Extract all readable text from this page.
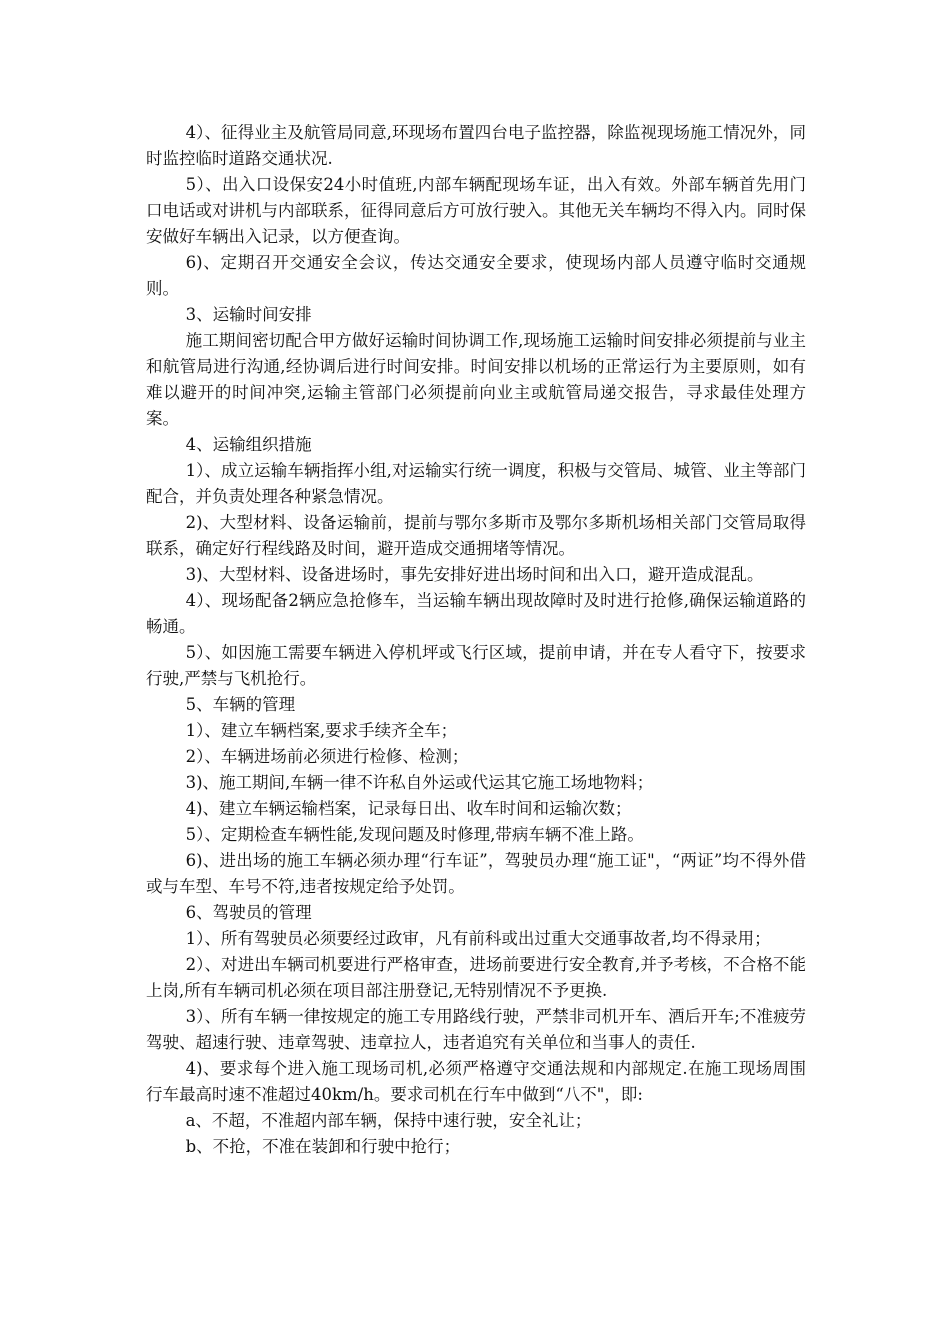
4）、征得业主及航管局同意,环现场布置四台电子监控器，除监视现场施工情况外，同时监控临时道路交通状况.

5）、出入口设保安24小时值班,内部车辆配现场车证，出入有效。外部车辆首先用门口电话或对讲机与内部联系，征得同意后方可放行驶入。其他无关车辆均不得入内。同时保安做好车辆出入记录，以方便查询。

6)、定期召开交通安全会议，传达交通安全要求，使现场内部人员遵守临时交通规则。

3、运输时间安排

施工期间密切配合甲方做好运输时间协调工作,现场施工运输时间安排必须提前与业主和航管局进行沟通,经协调后进行时间安排。时间安排以机场的正常运行为主要原则，如有难以避开的时间冲突,运输主管部门必须提前向业主或航管局递交报告，寻求最佳处理方案。

4、运输组织措施

1）、成立运输车辆指挥小组,对运输实行统一调度，积极与交管局、城管、业主等部门配合，并负责处理各种紧急情况。

2)、大型材料、设备运输前，提前与鄂尔多斯市及鄂尔多斯机场相关部门交管局取得联系，确定好行程线路及时间，避开造成交通拥堵等情况。

3)、大型材料、设备进场时，事先安排好进出场时间和出入口，避开造成混乱。

4）、现场配备2辆应急抢修车，当运输车辆出现故障时及时进行抢修,确保运输道路的畅通。

5）、如因施工需要车辆进入停机坪或飞行区域，提前申请，并在专人看守下，按要求行驶,严禁与飞机抢行。

5、车辆的管理

1）、建立车辆档案,要求手续齐全车；

2）、车辆进场前必须进行检修、检测；

3)、施工期间,车辆一律不许私自外运或代运其它施工场地物料；

4)、建立车辆运输档案，记录每日出、收车时间和运输次数；

5）、定期检查车辆性能,发现问题及时修理,带病车辆不准上路。

6)、进出场的施工车辆必须办理“行车证”，驾驶员办理“施工证"，“两证”均不得外借或与车型、车号不符,违者按规定给予处罚。

6、驾驶员的管理

1）、所有驾驶员必须要经过政审，凡有前科或出过重大交通事故者,均不得录用；

2）、对进出车辆司机要进行严格审查，进场前要进行安全教育,并予考核，不合格不能上岗,所有车辆司机必须在项目部注册登记,无特别情况不予更换.

3）、所有车辆一律按规定的施工专用路线行驶，严禁非司机开车、酒后开车;不准疲劳驾驶、超速行驶、违章驾驶、违章拉人，违者追究有关单位和当事人的责任.

4)、要求每个进入施工现场司机,必须严格遵守交通法规和内部规定.在施工现场周围行车最高时速不准超过40km/h。要求司机在行车中做到“八不"，即:

a、不超，不准超内部车辆，保持中速行驶，安全礼让；

b、不抢，不准在装卸和行驶中抢行；
